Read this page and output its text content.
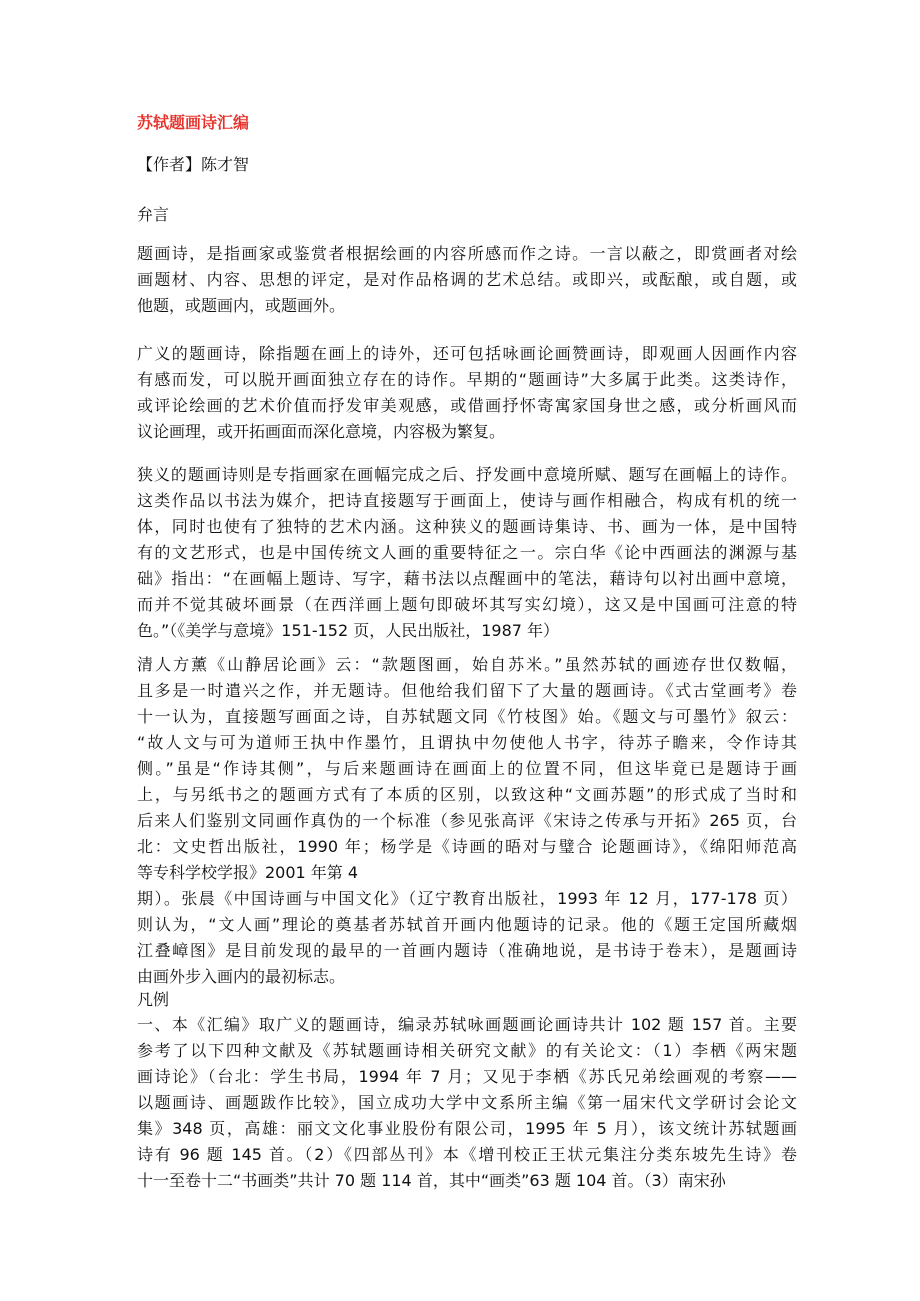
苏轼题画诗汇编
【作者】陈才智
弁言
题画诗，是指画家或鉴赏者根据绘画的内容所感而作之诗。一言以蔽之，即赏画者对绘
画题材、内容、思想的评定，是对作品格调的艺术总结。或即兴，或酝酿，或自题，或
他题，或题画内，或题画外。
广义的题画诗，除指题在画上的诗外，还可包括咏画论画赞画诗，即观画人因画作内容
有感而发，可以脱开画面独立存在的诗作。早期的“题画诗”大多属于此类。这类诗作，
或评论绘画的艺术价值而抒发审美观感，或借画抒怀寄寓家国身世之感，或分析画风而
议论画理，或开拓画面而深化意境，内容极为繁复。
狭义的题画诗则是专指画家在画幅完成之后、抒发画中意境所赋、题写在画幅上的诗作。
这类作品以书法为媒介，把诗直接题写于画面上，使诗与画作相融合，构成有机的统一
体，同时也使有了独特的艺术内涵。这种狭义的题画诗集诗、书、画为一体，是中国特
有的文艺形式，也是中国传统文人画的重要特征之一。宗白华《论中西画法的渊源与基
础》指出：“在画幅上题诗、写字，藉书法以点醒画中的笔法，藉诗句以衬出画中意境，
而并不觉其破坏画景（在西洋画上题句即破坏其写实幻境），这又是中国画可注意的特
色。”（《美学与意境》151-152 页，人民出版社，1987 年）
清人方薰《山静居论画》云：“款题图画，始自苏米。”虽然苏轼的画迹存世仅数幅，
且多是一时遣兴之作，并无题诗。但他给我们留下了大量的题画诗。《式古堂画考》卷
十一认为，直接题写画面之诗，自苏轼题文同《竹枝图》始。《题文与可墨竹》叙云：
“故人文与可为道师王执中作墨竹，且谓执中勿使他人书字，待苏子瞻来，令作诗其
侧。”虽是“作诗其侧”，与后来题画诗在画面上的位置不同，但这毕竟已是题诗于画
上，与另纸书之的题画方式有了本质的区别，以致这种“文画苏题”的形式成了当时和
后来人们鉴别文同画作真伪的一个标准（参见张高评《宋诗之传承与开拓》265 页，台
北：文史哲出版社，1990 年；杨学是《诗画的晤对与璧合 论题画诗》，《绵阳师范高
等专科学校学报》2001 年第 4
期）。张晨《中国诗画与中国文化》（辽宁教育出版社，1993 年 12 月，177-178 页）
则认为，“文人画”理论的奠基者苏轼首开画内他题诗的记录。他的《题王定国所藏烟
江叠嶂图》是目前发现的最早的一首画内题诗（准确地说，是书诗于卷末），是题画诗
由画外步入画内的最初标志。
凡例
一、本《汇编》取广义的题画诗，编录苏轼咏画题画论画诗共计 102 题 157 首。主要
参考了以下四种文献及《苏轼题画诗相关研究文献》的有关论文：（1）李栖《两宋题
画诗论》（台北：学生书局，1994 年 7 月；又见于李栖《苏氏兄弟绘画观的考察——
以题画诗、画题跋作比较》，国立成功大学中文系所主编《第一届宋代文学研讨会论文
集》348 页，高雄：丽文文化事业股份有限公司，1995 年 5 月），该文统计苏轼题画
诗有 96 题 145 首。（2）《四部丛刊》本《增刊校正王状元集注分类东坡先生诗》卷
十一至卷十二“书画类”共计 70 题 114 首，其中“画类”63 题 104 首。（3）南宋孙
